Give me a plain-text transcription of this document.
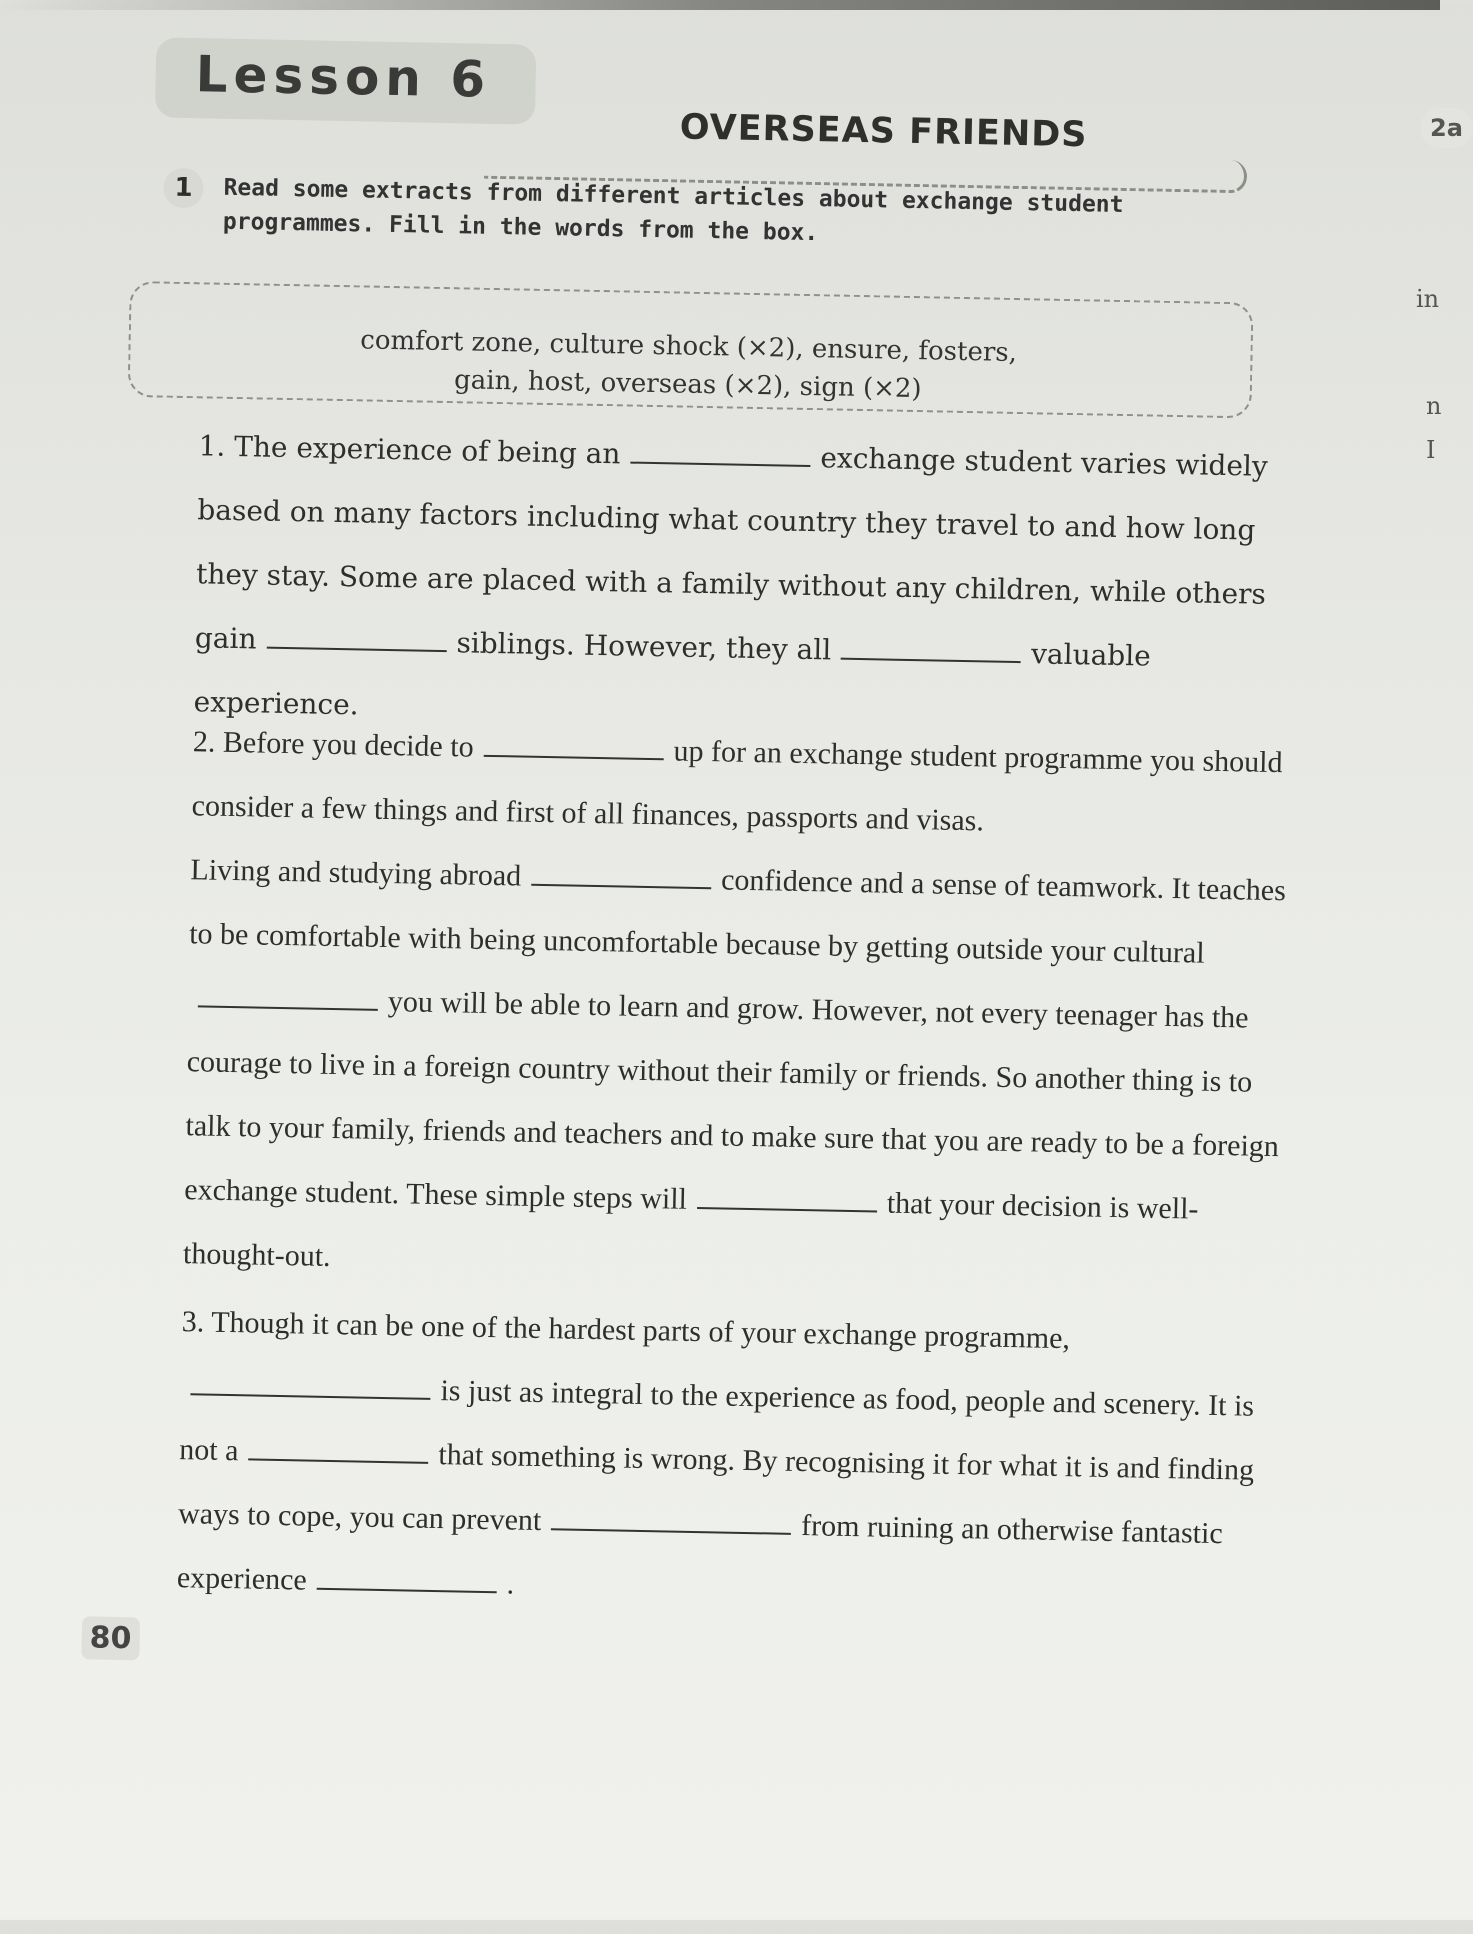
Lesson 6
OVERSEAS FRIENDS
1	Read some extracts from different articles about exchange student programmes. Fill in the words from the box.
comfort zone, culture shock (×2), ensure, fosters,
gain, host, overseas (×2), sign (×2)

1. The experience of being an	exchange student varies widely based on many factors including what country they travel to and how long they stay. Some are placed with a family without any children, while others gain	siblings. However, they all	valuable experience.

2. Before you decide to	up for an exchange student programme you should consider a few things and first of all finances, passports and visas.

Living and studying abroad	confidence and a sense of teamwork. It teaches to be comfortable with being uncomfortable because by getting outside your culturalyou will be able to learn and grow. However, not every teenager has the courage to live in a foreign country without their family or friends. So another thing is to talk to your family, friends and teachers and to make sure that you are ready to be a foreign exchange student. These simple steps will	that your decision is well-thought-out.

3. Though it can be one of the hardest parts of your exchange programme,is just as integral to the experience as food, people and scenery. It is not a	that something is wrong. By recognising it for what it is and finding ways to cope, you can prevent	from ruining an otherwise fantastic experience	.

80
2a
in
n
I
